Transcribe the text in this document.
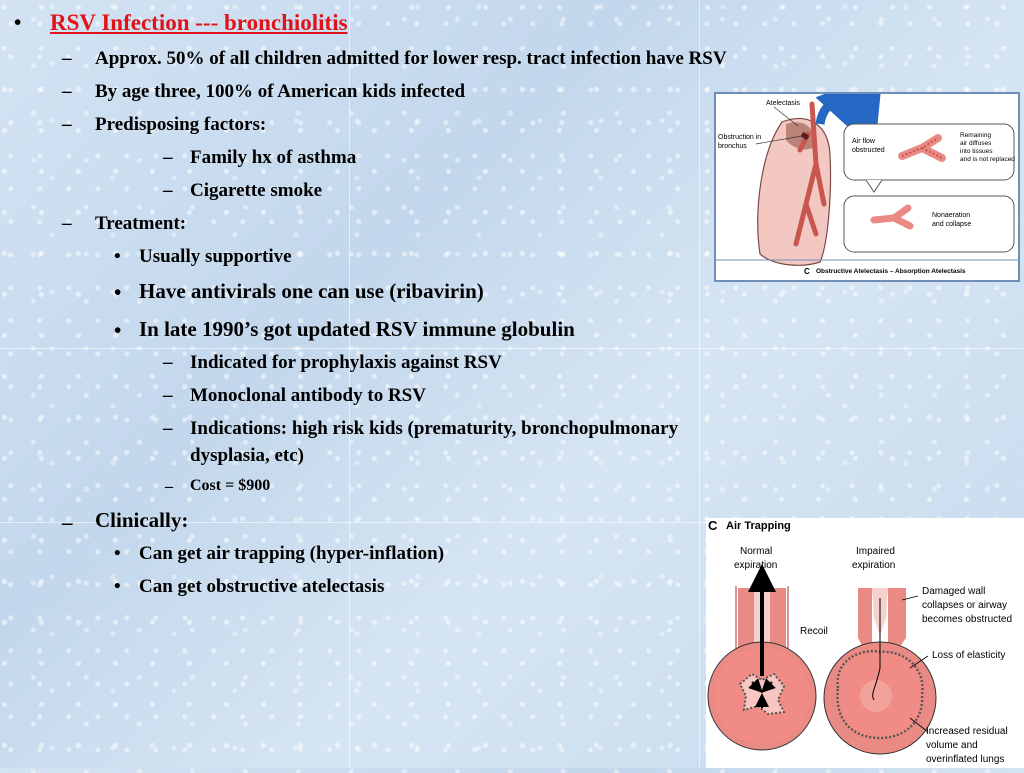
• RSV Infection --- bronchiolitis
– Approx. 50% of all children admitted for lower resp. tract infection have RSV
– By age three, 100% of American kids infected
– Predisposing factors:
– Family hx of asthma
– Cigarette smoke
– Treatment:
• Usually supportive
• Have antivirals one can use (ribavirin)
• In late 1990’s got updated RSV immune globulin
– Indicated for prophylaxis against RSV
– Monoclonal antibody to RSV
– Indications: high risk kids (prematurity, bronchopulmonary
dysplasia, etc)
– Cost = $900
– Clinically:
• Can get air trapping (hyper-inflation)
• Can get obstructive atelectasis
Atelectasis
Obstruction in
bronchus
Air flow
obstructed
Remaining
air diffuses
into tissues
and is not replaced
Nonaeration
and collapse
C Obstructive Atelectasis – Absorption Atelectasis
C Air Trapping
Normal
expiration
Impaired
expiration
Recoil
Damaged wall
collapses or airway
becomes obstructed
Loss of elasticity
Increased residual
volume and
overinflated lungs
